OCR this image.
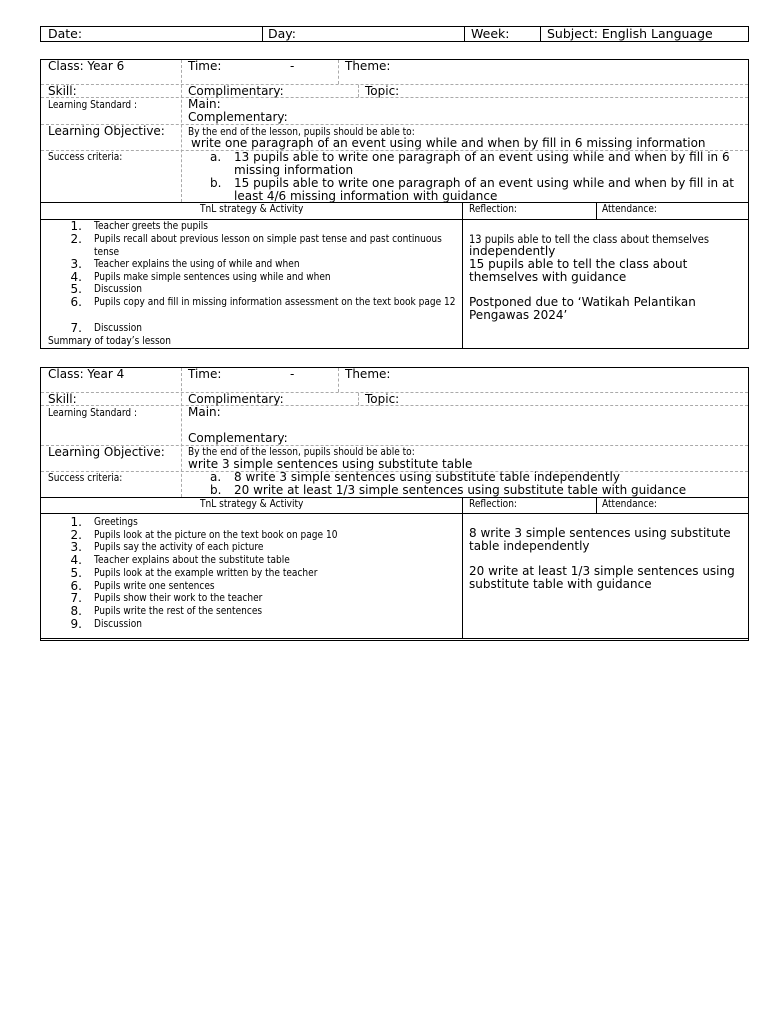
Date:	Day:	Week:	Subject: English Language
Class: Year 6	Time:	-	Theme:
Skill:	Complimentary:	Topic:
Learning Standard :	Main:
Complementary:
Learning Objective: By the end of the lesson, pupils should be able to:
write one paragraph of an event using while and when by fill in 6 missing information
Success criteria:	a. 13 pupils able to write one paragraph of an event using while and when by fill in 6 missing information
b. 15 pupils able to write one paragraph of an event using while and when by fill in at least 4/6 missing information with guidance
TnL strategy & Activity	Reflection:	Attendance:
1. Teacher greets the pupils
2. Pupils recall about previous lesson on simple past tense and past continuous tense
3. Teacher explains the using of while and when
4. Pupils make simple sentences using while and when
5. Discussion
6. Pupils copy and fill in missing information assessment on the text book page 12
7. Discussion
Summary of today’s lesson
13 pupils able to tell the class about themselves
independently
15 pupils able to tell the class about
themselves with guidance
Postponed due to ‘Watikah Pelantikan
Pengawas 2024’
Class: Year 4	Time:	-	Theme:
Skill:	Complimentary:	Topic:
Learning Standard :	Main:
Complementary:
Learning Objective: By the end of the lesson, pupils should be able to:
write 3 simple sentences using substitute table
Success criteria:	a. 8 write 3 simple sentences using substitute table independently
b. 20 write at least 1/3 simple sentences using substitute table with guidance
TnL strategy & Activity	Reflection:	Attendance:
1. Greetings
2. Pupils look at the picture on the text book on page 10
3. Pupils say the activity of each picture
4. Teacher explains about the substitute table
5. Pupils look at the example written by the teacher
6. Pupils write one sentences
7. Pupils show their work to the teacher
8. Pupils write the rest of the sentences
9. Discussion
8 write 3 simple sentences using substitute
table independently
20 write at least 1/3 simple sentences using
substitute table with guidance
